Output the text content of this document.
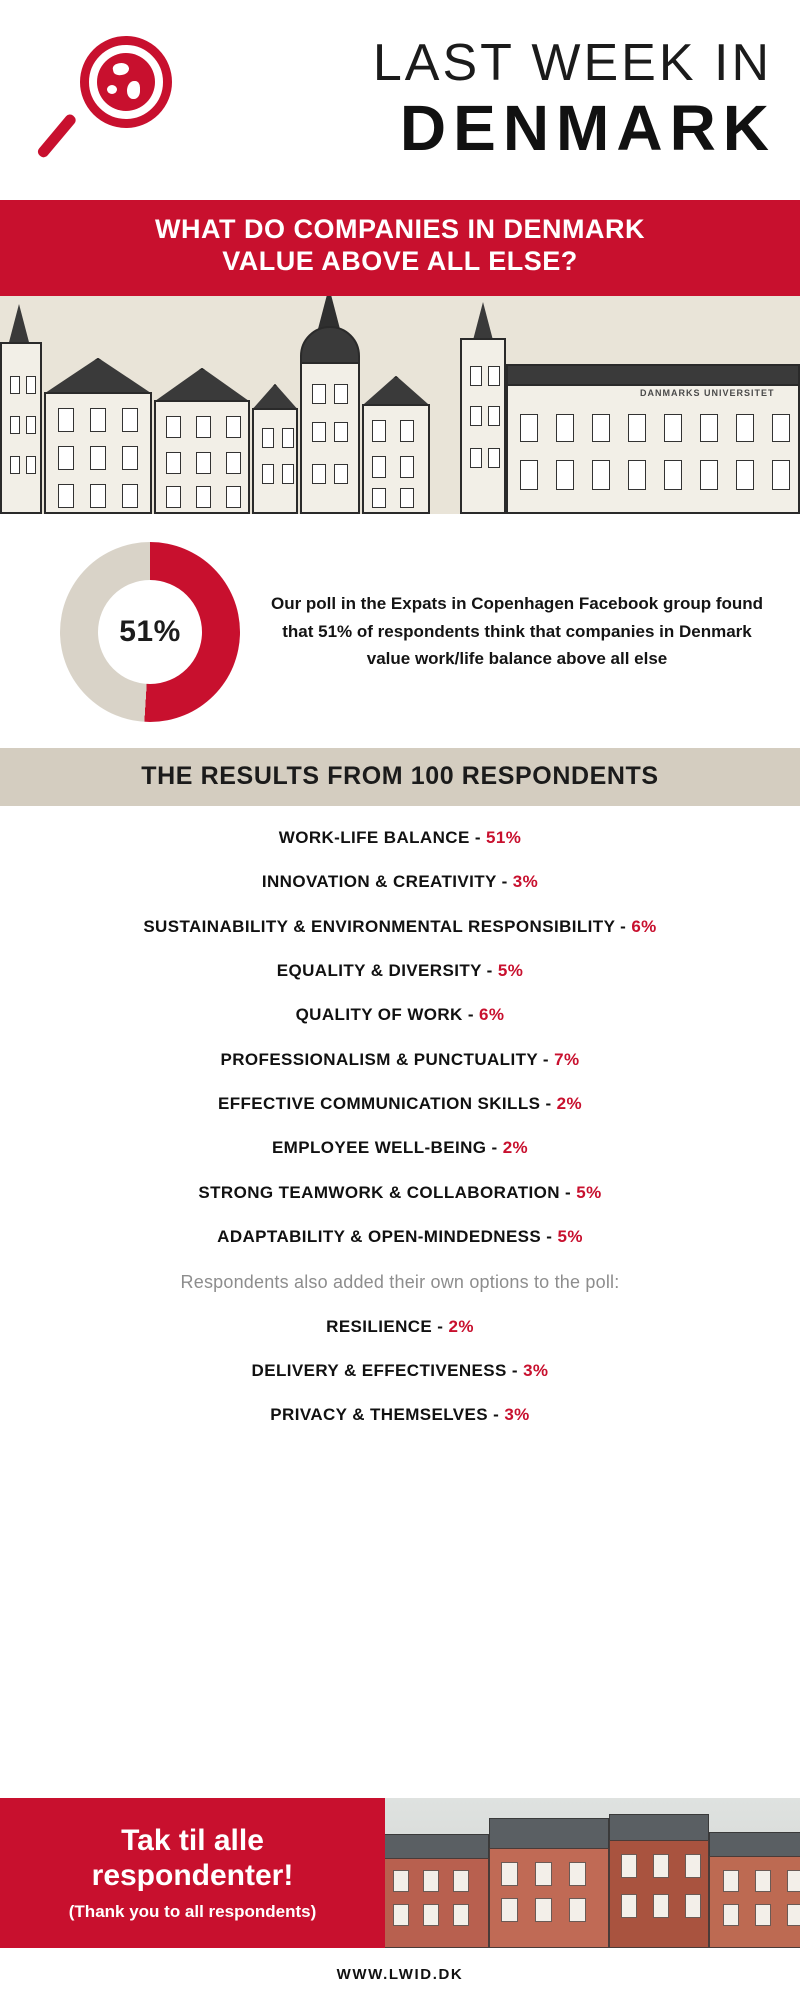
LAST WEEK IN
DENMARK
WHAT DO COMPANIES IN DENMARK
VALUE ABOVE ALL ELSE?
DANMARKS UNIVERSITET
51%
Our poll in the Expats in Copenhagen Facebook group found that 51% of respondents think that companies in Denmark value work/life balance above all else
THE RESULTS FROM 100 RESPONDENTS
WORK-LIFE BALANCE - 51%
INNOVATION & CREATIVITY - 3%
SUSTAINABILITY & ENVIRONMENTAL RESPONSIBILITY - 6%
EQUALITY & DIVERSITY - 5%
QUALITY OF WORK - 6%
PROFESSIONALISM & PUNCTUALITY - 7%
EFFECTIVE COMMUNICATION SKILLS - 2%
EMPLOYEE WELL-BEING - 2%
STRONG TEAMWORK & COLLABORATION - 5%
ADAPTABILITY & OPEN-MINDEDNESS - 5%
Respondents also added their own options to the poll:
RESILIENCE - 2%
DELIVERY & EFFECTIVENESS - 3%
PRIVACY & THEMSELVES - 3%
Tak til alle
respondenter!
(Thank you to all respondents)
WWW.LWID.DK
